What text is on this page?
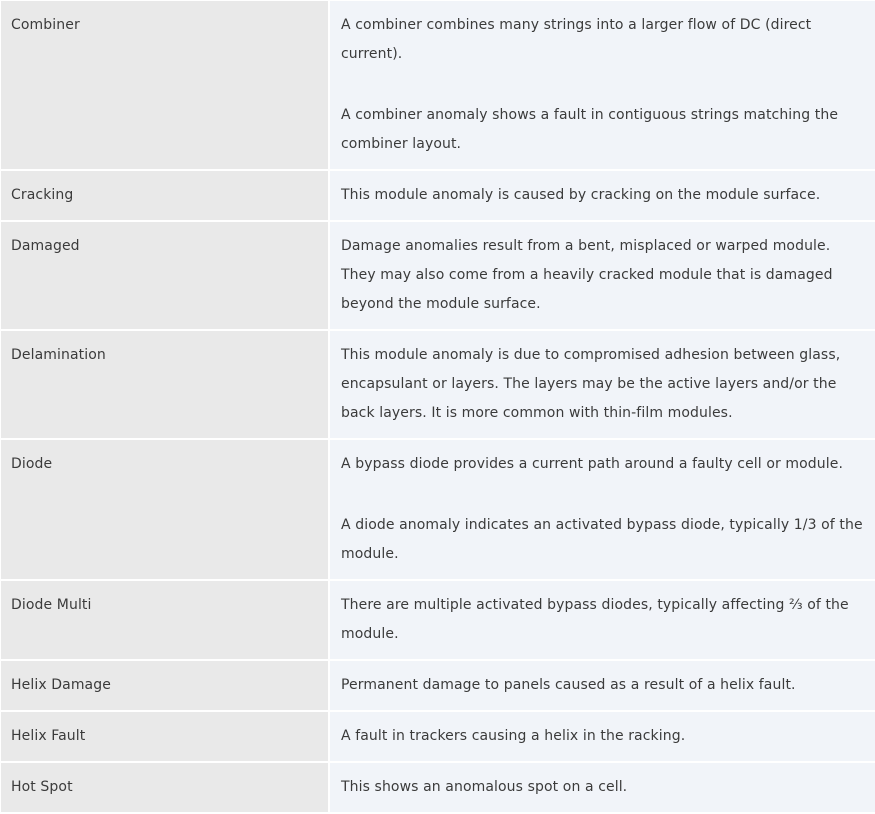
Combiner	A combiner combines many strings into a larger flow of DC (direct current).

A combiner anomaly shows a fault in contiguous strings matching the combiner layout.

Cracking	This module anomaly is caused by cracking on the module surface.

Damaged	Damage anomalies result from a bent, misplaced or warped module. They may also come from a heavily cracked module that is damaged beyond the module surface.

Delamination	This module anomaly is due to compromised adhesion between glass, encapsulant or layers. The layers may be the active layers and/or the back layers. It is more common with thin-film modules.

Diode	A bypass diode provides a current path around a faulty cell or module.

A diode anomaly indicates an activated bypass diode, typically 1/3 of the module.

Diode Multi	There are multiple activated bypass diodes, typically affecting ⅔ of the module.

Helix Damage	Permanent damage to panels caused as a result of a helix fault.

Helix Fault	A fault in trackers causing a helix in the racking.

Hot Spot	This shows an anomalous spot on a cell.
